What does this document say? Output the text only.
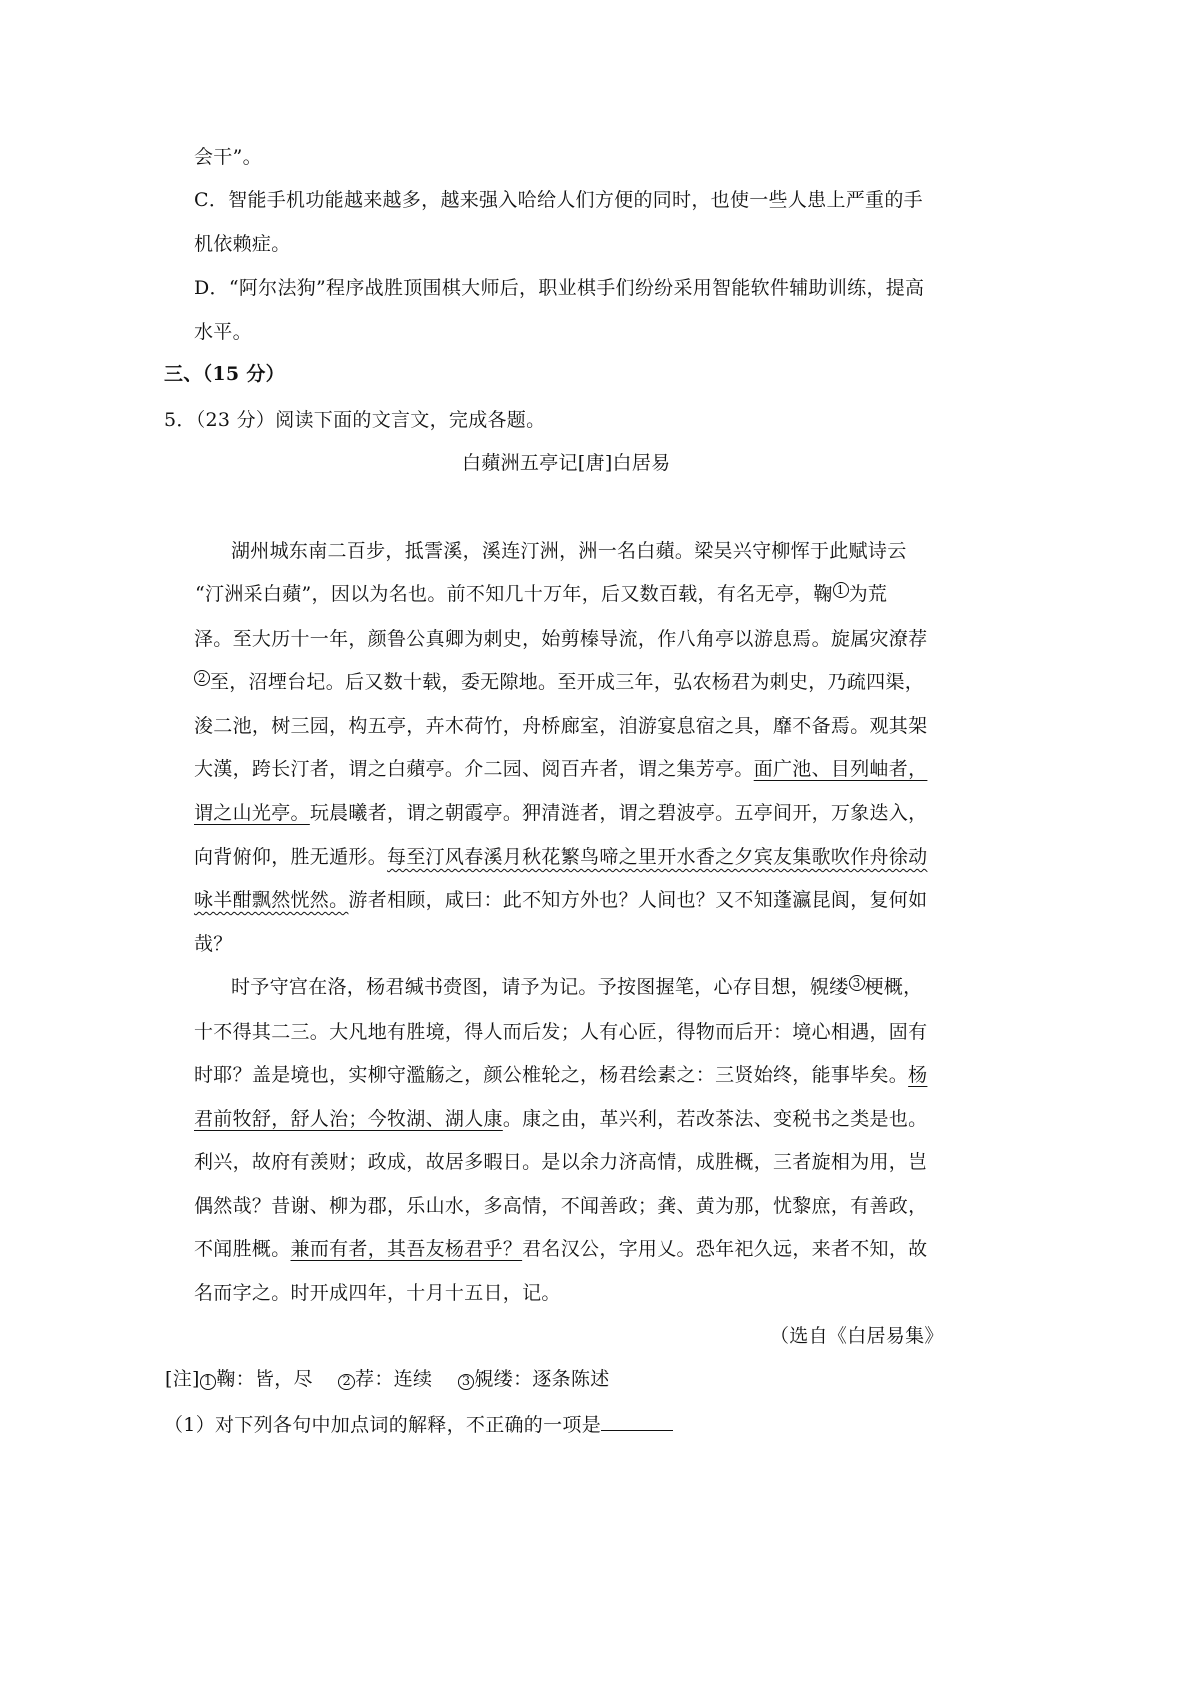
会干”。
C．智能手机功能越来越多，越来强入哈给人们方便的同时，也使一些人患上严重的手
机依赖症。
D．“阿尔法狗”程序战胜顶围棋大师后，职业棋手们纷纷采用智能软件辅助训练，提高
水平。
三、（15 分）
5．（23 分）阅读下面的文言文，完成各题。
白蘋洲五亭记[唐]白居易
湖州城东南二百步，抵霅溪，溪连汀洲，洲一名白蘋。梁吴兴守柳恽于此赋诗云
“汀洲采白蘋”，因以为名也。前不知几十万年，后又数百载，有名无亭，鞠 $^1$ 为荒
泽。至大历十一年，颜鲁公真卿为刺史，始剪榛导流，作八角亭以游息焉。旋属灾潦荐
$^2$ 至，沼堙台圮。后又数十载，委无隙地。至开成三年，弘农杨君为刺史，乃疏四渠，
浚二池，树三园，构五亭，卉木荷竹，舟桥廊室，洎游宴息宿之具，靡不备焉。观其架
大漢，跨长汀者，谓之白蘋亭。介二园、阅百卉者，谓之集芳亭。面广池、目列岫者，
谓之山光亭。玩晨曦者，谓之朝霞亭。狎清涟者，谓之碧波亭。五亭间开，万象迭入，
向背俯仰，胜无遁形。每至汀风春溪月秋花繁鸟啼之里开水香之夕宾友集歌吹作舟徐动
咏半酣飘然恍然。游者相顾，咸曰：此不知方外也？人间也？又不知蓬瀛昆阆，复何如
哉？
时予守宫在洛，杨君缄书赍图，请予为记。予按图握笔，心存目想，覙缕 $^3$ 梗概，
十不得其二三。大凡地有胜境，得人而后发；人有心匠，得物而后开：境心相遇，固有
时耶？盖是境也，实柳守濫觞之，颜公椎轮之，杨君绘素之：三贤始终，能事毕矣。杨
君前牧舒，舒人治；今牧湖、湖人康。康之由，革兴利，若改茶法、变税书之类是也。
利兴，故府有羡财；政成，故居多暇日。是以余力济高情，成胜概，三者旋相为用，岂
偶然哉？昔谢、柳为郡，乐山水，多高情，不闻善政；龚、黄为那，忧黎庶，有善政，
不闻胜概。兼而有者，其吾友杨君乎？君名汉公，字用乂。恐年祀久远，来者不知，故
名而字之。时开成四年，十月十五日，记。
（选自《白居易集》
[注] 1 鞠：皆，尽　 2 荐：连续　 3 覙缕：逐条陈述
（1）对下列各句中加点词的解释，不正确的一项是
